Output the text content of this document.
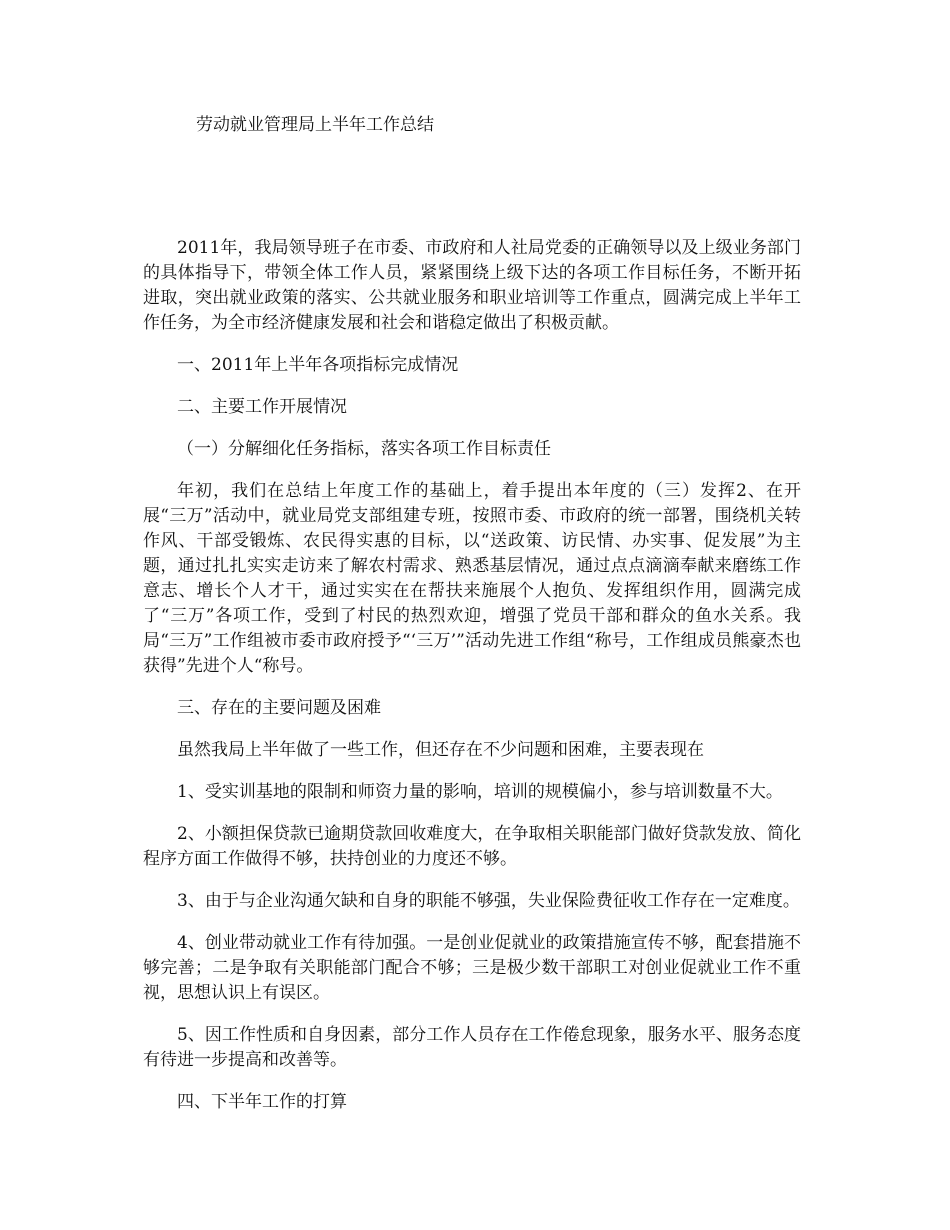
劳动就业管理局上半年工作总结

2011年，我局领导班子在市委、市政府和人社局党委的正确领导以及上级业务部门的具体指导下，带领全体工作人员，紧紧围绕上级下达的各项工作目标任务，不断开拓进取，突出就业政策的落实、公共就业服务和职业培训等工作重点，圆满完成上半年工作任务，为全市经济健康发展和社会和谐稳定做出了积极贡献。

一、2011年上半年各项指标完成情况

二、主要工作开展情况

（一）分解细化任务指标，落实各项工作目标责任

年初，我们在总结上年度工作的基础上，着手提出本年度的（三）发挥2、在开展“三万”活动中，就业局党支部组建专班，按照市委、市政府的统一部署，围绕机关转作风、干部受锻炼、农民得实惠的目标，以“送政策、访民情、办实事、促发展”为主题，通过扎扎实实走访来了解农村需求、熟悉基层情况，通过点点滴滴奉献来磨练工作意志、增长个人才干，通过实实在在帮扶来施展个人抱负、发挥组织作用，圆满完成了“三万”各项工作，受到了村民的热烈欢迎，增强了党员干部和群众的鱼水关系。我局“三万”工作组被市委市政府授予“‘三万’”活动先进工作组“称号，工作组成员熊豪杰也获得”先进个人“称号。

三、存在的主要问题及困难

虽然我局上半年做了一些工作，但还存在不少问题和困难，主要表现在

1、受实训基地的限制和师资力量的影响，培训的规模偏小，参与培训数量不大。

2、小额担保贷款已逾期贷款回收难度大，在争取相关职能部门做好贷款发放、简化程序方面工作做得不够，扶持创业的力度还不够。

3、由于与企业沟通欠缺和自身的职能不够强，失业保险费征收工作存在一定难度。

4、创业带动就业工作有待加强。一是创业促就业的政策措施宣传不够，配套措施不够完善；二是争取有关职能部门配合不够；三是极少数干部职工对创业促就业工作不重视，思想认识上有误区。

5、因工作性质和自身因素，部分工作人员存在工作倦怠现象，服务水平、服务态度有待进一步提高和改善等。

四、下半年工作的打算
